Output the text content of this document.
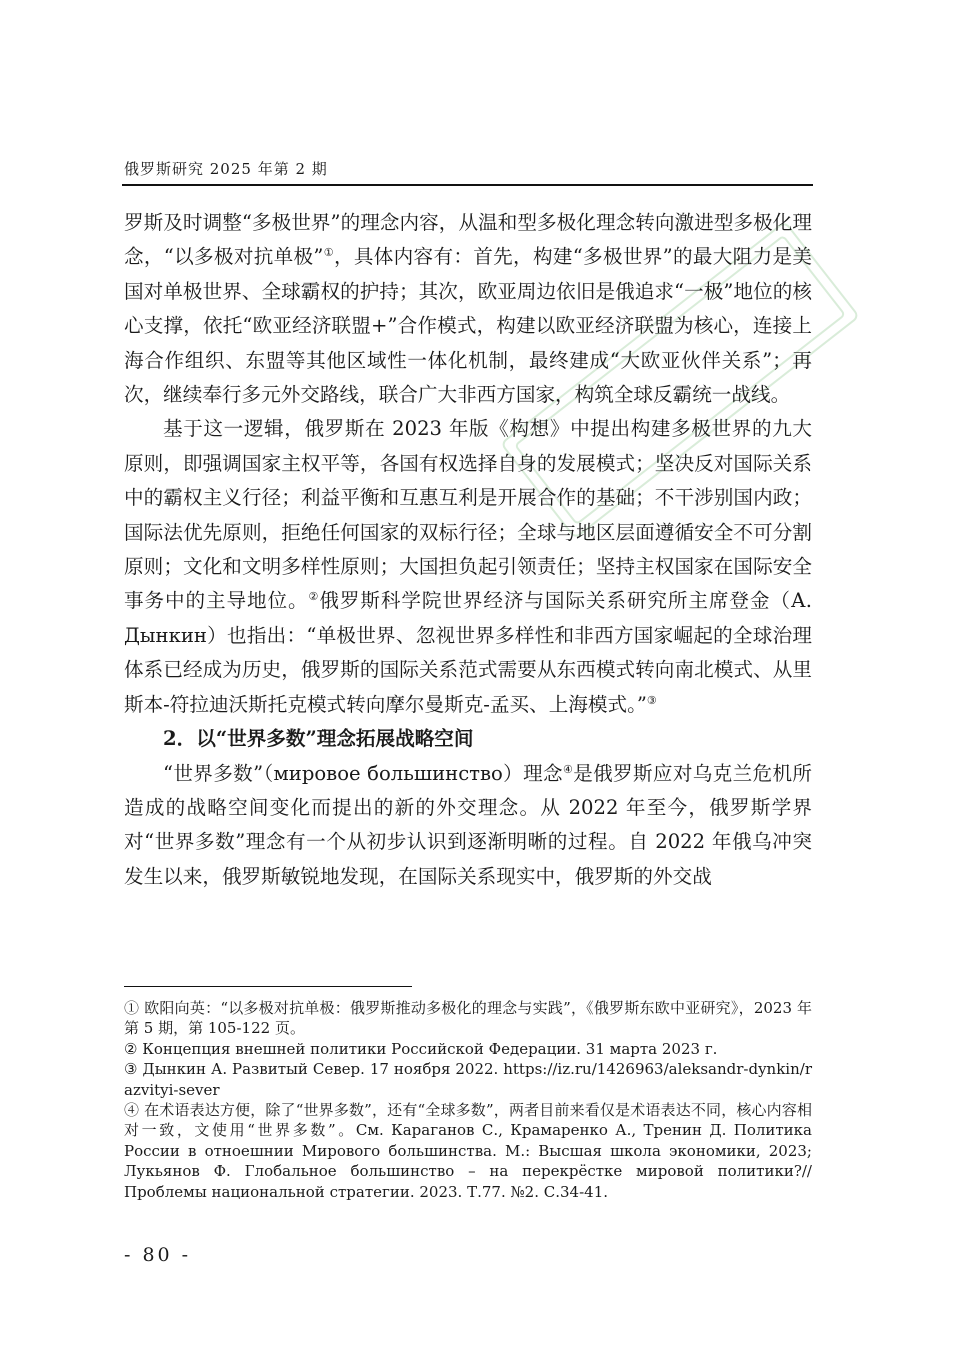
俄罗斯研究 2025 年第 2 期

罗斯及时调整“多极世界”的理念内容，从温和型多极化理念转向激进型多极化理念，“以多极对抗单极”①，具体内容有：首先，构建“多极世界”的最大阻力是美国对单极世界、全球霸权的护持；其次，欧亚周边依旧是俄追求“一极”地位的核心支撑，依托“欧亚经济联盟+”合作模式，构建以欧亚经济联盟为核心，连接上海合作组织、东盟等其他区域性一体化机制，最终建成“大欧亚伙伴关系”；再次，继续奉行多元外交路线，联合广大非西方国家，构筑全球反霸统一战线。

基于这一逻辑，俄罗斯在 2023 年版《构想》中提出构建多极世界的九大原则，即强调国家主权平等，各国有权选择自身的发展模式；坚决反对国际关系中的霸权主义行径；利益平衡和互惠互利是开展合作的基础；不干涉别国内政；国际法优先原则，拒绝任何国家的双标行径；全球与地区层面遵循安全不可分割原则；文化和文明多样性原则；大国担负起引领责任；坚持主权国家在国际安全事务中的主导地位。②俄罗斯科学院世界经济与国际关系研究所主席登金（А. Дынкин）也指出：“单极世界、忽视世界多样性和非西方国家崛起的全球治理体系已经成为历史，俄罗斯的国际关系范式需要从东西模式转向南北模式、从里斯本-符拉迪沃斯托克模式转向摩尔曼斯克-孟买、上海模式。”③

2．以“世界多数”理念拓展战略空间

“世界多数”（мировое большинство）理念④是俄罗斯应对乌克兰危机所造成的战略空间变化而提出的新的外交理念。从 2022 年至今，俄罗斯学界对“世界多数”理念有一个从初步认识到逐渐明晰的过程。自 2022 年俄乌冲突发生以来，俄罗斯敏锐地发现，在国际关系现实中，俄罗斯的外交战

① 欧阳向英：“以多极对抗单极：俄罗斯推动多极化的理念与实践”，《俄罗斯东欧中亚研究》，2023 年第 5 期，第 105-122 页。

② Концепция внешней политики Российской Федерации. 31 марта 2023 г.

③ Дынкин А. Развитый Север. 17 ноября 2022. https://iz.ru/1426963/aleksandr-dynkin/razvityi-sever

④ 在术语表达方便，除了“世界多数”，还有“全球多数”，两者目前来看仅是术语表达不同，核心内容相对一致，文使用“世界多数”。См. Караганов С., Крамаренко А., Тренин Д. Политика России в отноешнии Мирового большинства. М.: Высшая школа экономики, 2023; Лукьянов Ф. Глобальное большинство – на перекрёстке мировой политики?// Проблемы национальной стратегии. 2023. Т.77. №2. С.34-41.

- 80 -
